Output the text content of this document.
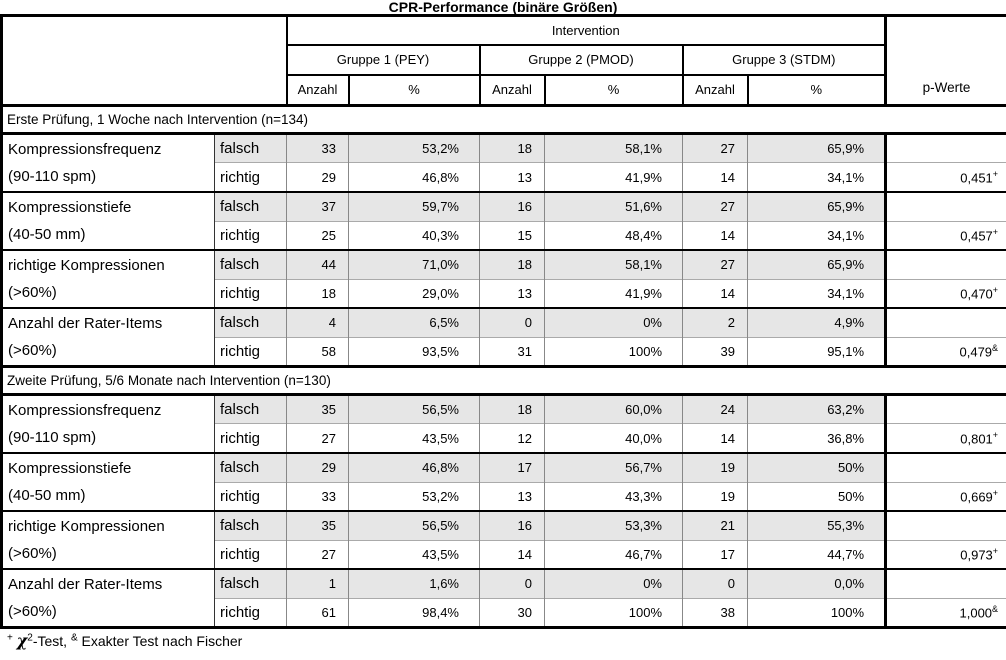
CPR-Performance (binäre Größen)
		Intervention						p-Werte
		Gruppe 1 (PEY)		Gruppe 2 (PMOD)		Gruppe 3 (STDM)		
		Anzahl	%	Anzahl	%	Anzahl	%	
Erste Prüfung, 1 Woche nach Intervention (n=134)								

Kompressionsfrequenz
(90-110 spm)	falsch	33	53,2%	18	58,1%	27	65,9%	
	richtig	29	46,8%	13	41,9%	14	34,1%	0,451+

Kompressionstiefe
(40-50 mm)	falsch	37	59,7%	16	51,6%	27	65,9%	
	richtig	25	40,3%	15	48,4%	14	34,1%	0,457+

richtige Kompressionen
(>60%)	falsch	44	71,0%	18	58,1%	27	65,9%	
	richtig	18	29,0%	13	41,9%	14	34,1%	0,470+

Anzahl der Rater-Items
(>60%)	falsch	4	6,5%	0	0%	2	4,9%	
	richtig	58	93,5%	31	100%	39	95,1%	0,479&
Zweite Prüfung, 5/6 Monate nach Intervention (n=130)								

Kompressionsfrequenz
(90-110 spm)	falsch	35	56,5%	18	60,0%	24	63,2%	
	richtig	27	43,5%	12	40,0%	14	36,8%	0,801+

Kompressionstiefe
(40-50 mm)	falsch	29	46,8%	17	56,7%	19	50%	
	richtig	33	53,2%	13	43,3%	19	50%	0,669+

richtige Kompressionen
(>60%)	falsch	35	56,5%	16	53,3%	21	55,3%	
	richtig	27	43,5%	14	46,7%	17	44,7%	0,973+

Anzahl der Rater-Items
(>60%)	falsch	1	1,6%	0	0%	0	0,0%	
	richtig	61	98,4%	30	100%	38	100%	1,000&
+ $\chi^2$-Test, & Exakter Test nach Fischer
